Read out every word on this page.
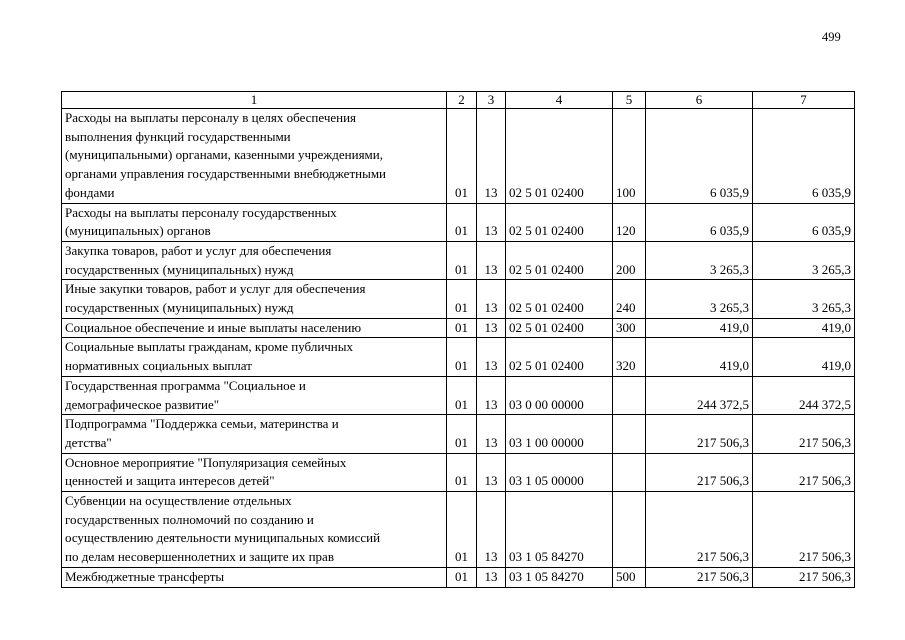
499
1	2	3	4	5	6	7

Расходы на выплаты персоналу в целях обеспечения
выполнения функций государственными
(муниципальными) органами, казенными учреждениями,
органами управления государственными внебюджетными
фондами	01	13	02 5 01 02400	100	6 035,9	6 035,9

Расходы на выплаты персоналу государственных
(муниципальных) органов	01	13	02 5 01 02400	120	6 035,9	6 035,9

Закупка товаров, работ и услуг для обеспечения
государственных (муниципальных) нужд	01	13	02 5 01 02400	200	3 265,3	3 265,3

Иные закупки товаров, работ и услуг для обеспечения
государственных (муниципальных) нужд	01	13	02 5 01 02400	240	3 265,3	3 265,3

Социальное обеспечение и иные выплаты населению	01	13	02 5 01 02400	300	419,0	419,0

Социальные выплаты гражданам, кроме публичных
нормативных социальных выплат	01	13	02 5 01 02400	320	419,0	419,0

Государственная программа "Социальное и
демографическое развитие"	01	13	03 0 00 00000		244 372,5	244 372,5

Подпрограмма "Поддержка семьи, материнства и
детства"	01	13	03 1 00 00000		217 506,3	217 506,3

Основное мероприятие "Популяризация семейных
ценностей и защита интересов детей"	01	13	03 1 05 00000		217 506,3	217 506,3

Субвенции на осуществление отдельных
государственных полномочий по созданию и
осуществлению деятельности муниципальных комиссий
по делам несовершеннолетних и защите их прав	01	13	03 1 05 84270		217 506,3	217 506,3

Межбюджетные трансферты	01	13	03 1 05 84270	500	217 506,3	217 506,3
